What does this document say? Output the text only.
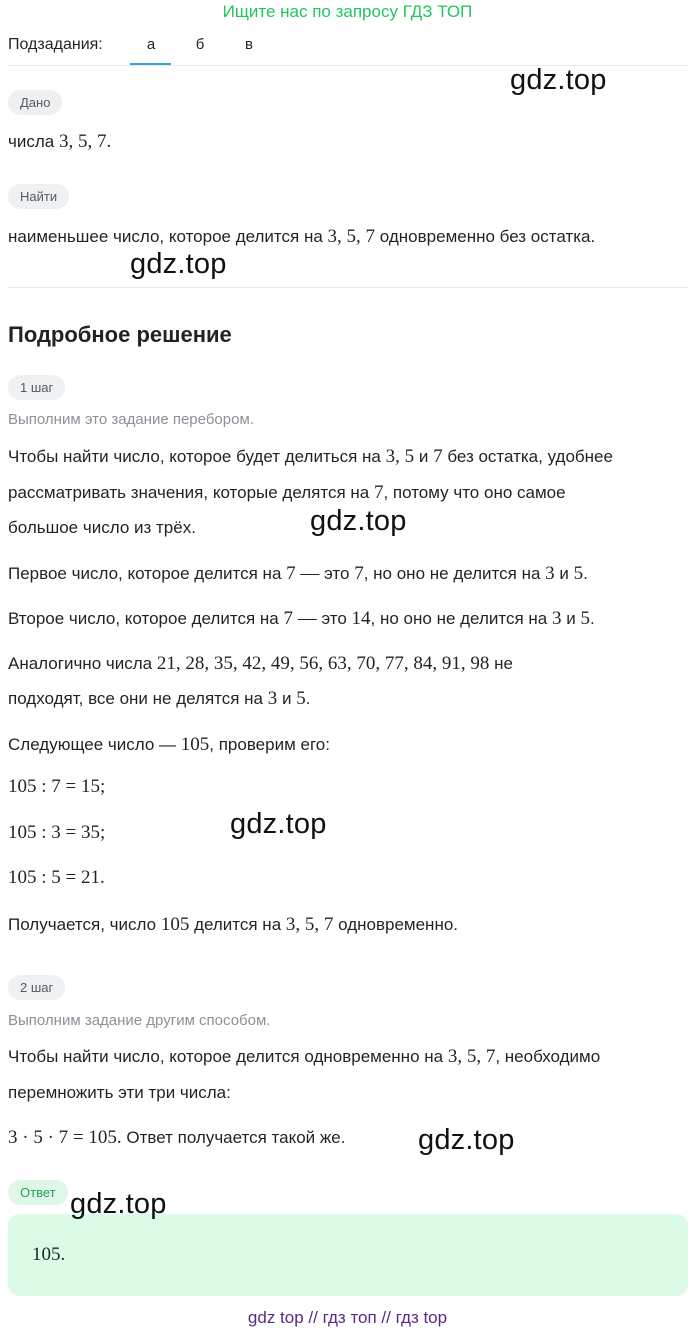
Ищите нас по запросу ГДЗ ТОП
Подзадания:	а	б	в
gdz.top
Дано
числа 3, 5, 7.
Найти
наименьшее число, которое делится на 3, 5, 7 одновременно без остатка.
gdz.top
Подробное решение
1 шаг
Выполним это задание перебором.
Чтобы найти число, которое будет делиться на 3, 5 и 7 без остатка, удобнее
рассматривать значения, которые делятся на 7, потому что оно самое
большое число из трёх.	gdz.top
Первое число, которое делится на 7 — это 7, но оно не делится на 3 и 5.
Второе число, которое делится на 7 — это 14, но оно не делится на 3 и 5.
Аналогично числа 21, 28, 35, 42, 49, 56, 63, 70, 77, 84, 91, 98 не
подходят, все они не делятся на 3 и 5.
Следующее число — 105, проверим его:
105 : 7 = 15;
105 : 3 = 35;
105 : 5 = 21.
gdz.top
Получается, число 105 делится на 3, 5, 7 одновременно.
2 шаг
Выполним задание другим способом.
Чтобы найти число, которое делится одновременно на 3, 5, 7, необходимо
перемножить эти три числа:
3 · 5 · 7 = 105. Ответ получается такой же.	gdz.top
Ответ
105.
gdz.top
gdz top // гдз топ // гдз top
